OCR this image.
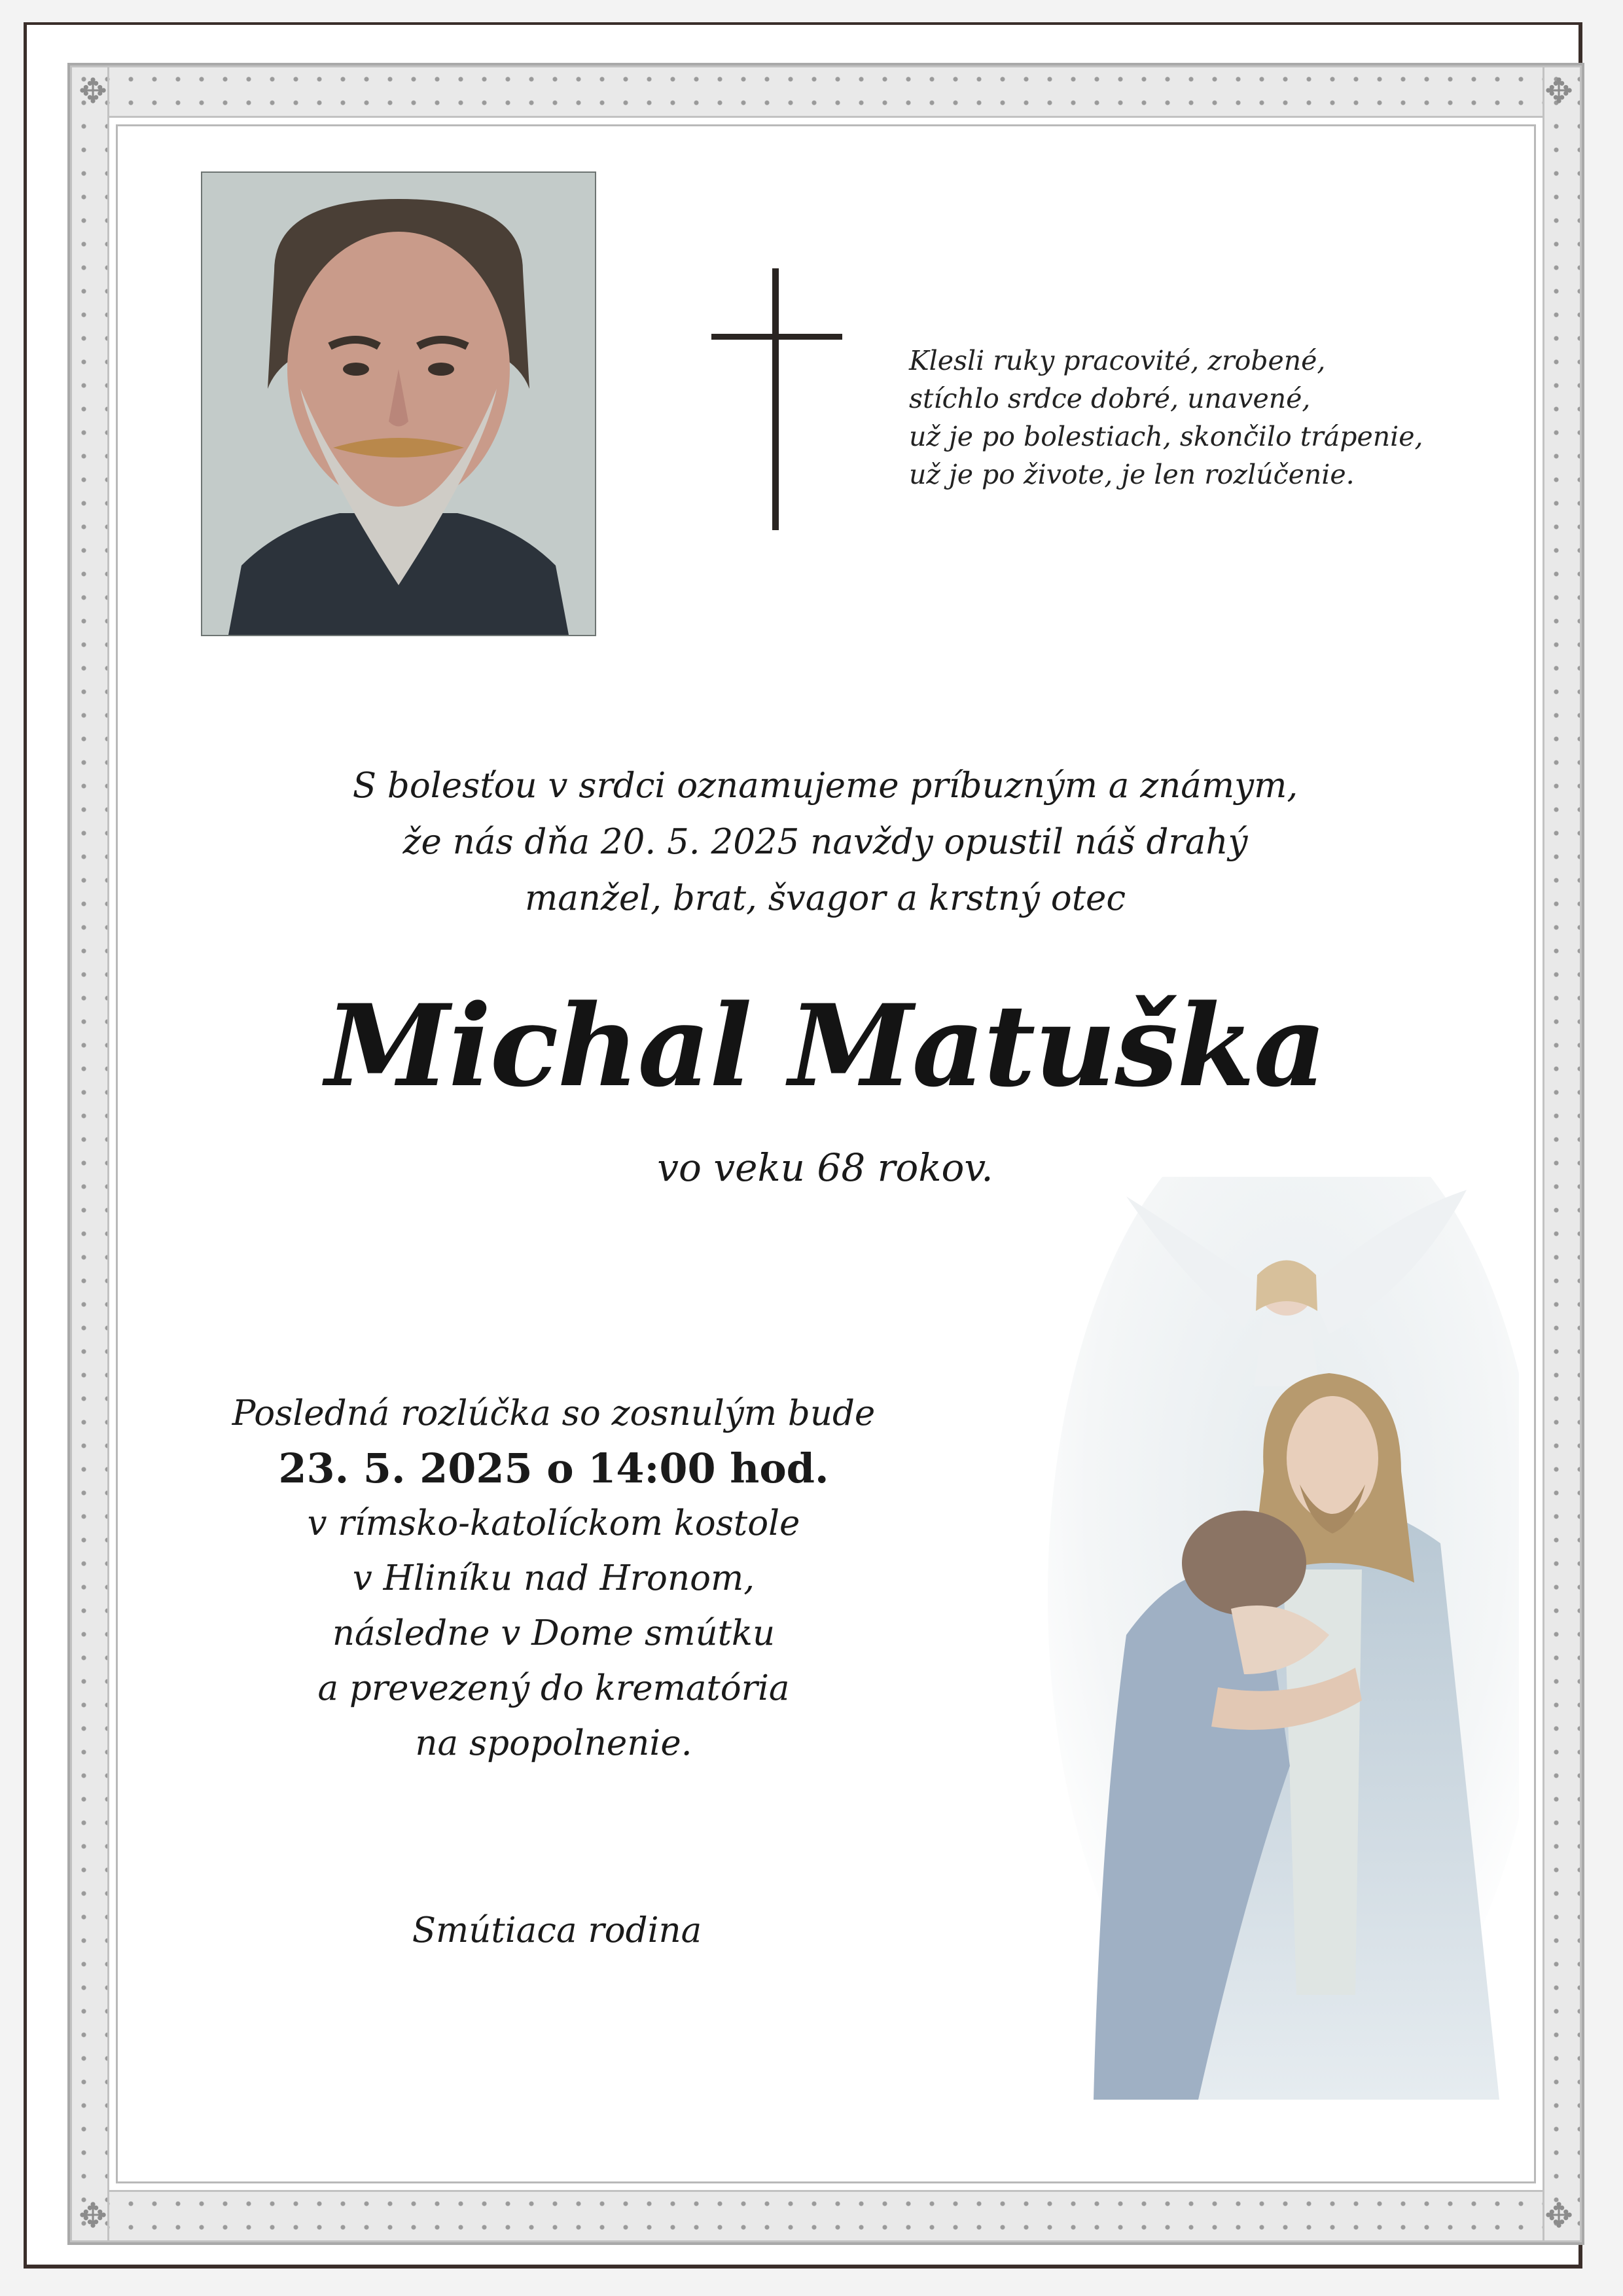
✥	✥
✥	✥
Klesli ruky pracovité, zrobené,
stíchlo srdce dobré, unavené,
už je po bolestiach, skončilo trápenie,
už je po živote, je len rozlúčenie.
S bolesťou v srdci oznamujeme príbuzným a známym,
že nás dňa 20. 5. 2025 navždy opustil náš drahý
manžel, brat, švagor a krstný otec
Michal Matuška
vo veku 68 rokov.
Posledná rozlúčka so zosnulým bude
23. 5. 2025 o 14:00 hod.
v rímsko-katolíckom kostole
v Hliníku nad Hronom,
následne v Dome smútku
a prevezený do krematória
na spopolnenie.
Smútiaca rodina
